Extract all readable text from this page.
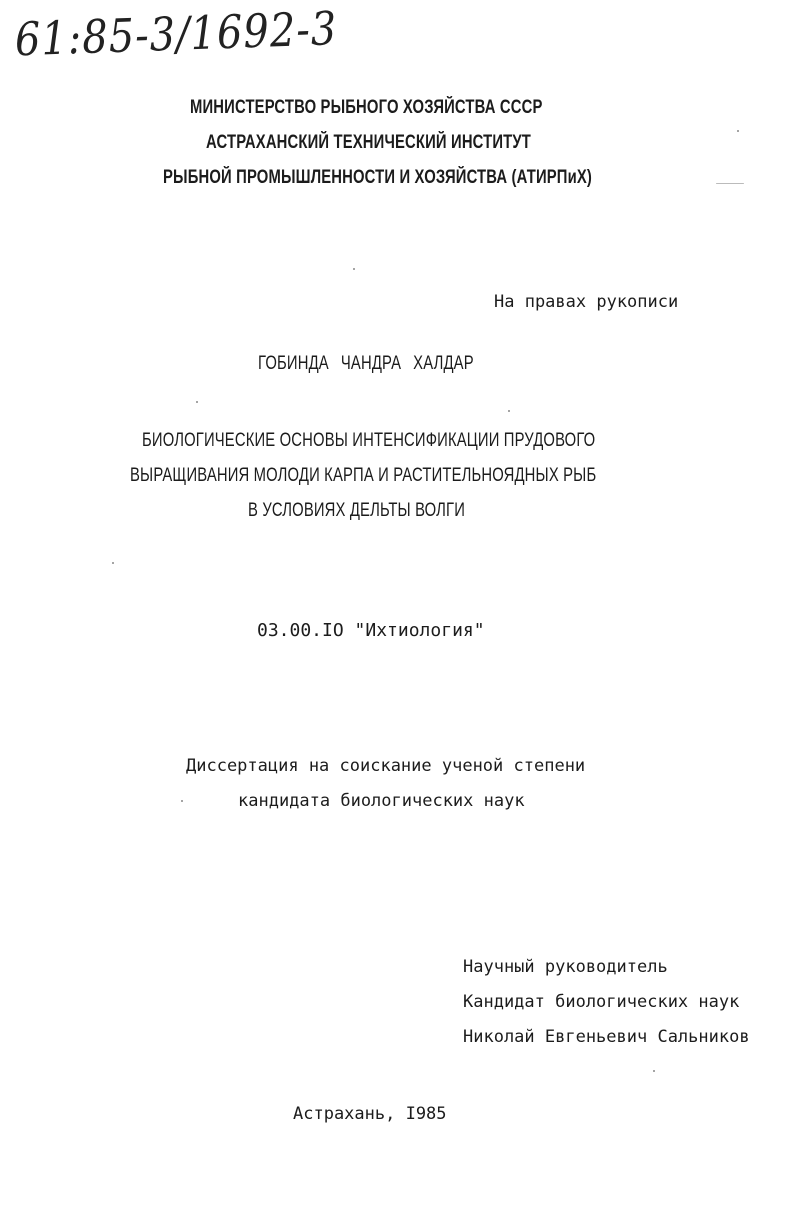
61:85-3/1692-3
МИНИСТЕРСТВО РЫБНОГО ХОЗЯЙСТВА СССР
АСТРАХАНСКИЙ ТЕХНИЧЕСКИЙ ИНСТИТУТ
РЫБНОЙ ПРОМЫШЛЕННОСТИ И ХОЗЯЙСТВА (АТИРПиХ)
На правах рукописи
ГОБИНДА ЧАНДРА ХАЛДАР
БИОЛОГИЧЕСКИЕ ОСНОВЫ ИНТЕНСИФИКАЦИИ ПРУДОВОГО
ВЫРАЩИВАНИЯ МОЛОДИ КАРПА И РАСТИТЕЛЬНОЯДНЫХ РЫБ
В УСЛОВИЯХ ДЕЛЬТЫ ВОЛГИ
03.00.IO "Ихтиология"
Диссертация на соискание ученой степени
кандидата биологических наук
Научный руководитель
Кандидат биологических наук
Николай Евгеньевич Сальников
Астрахань, I985
